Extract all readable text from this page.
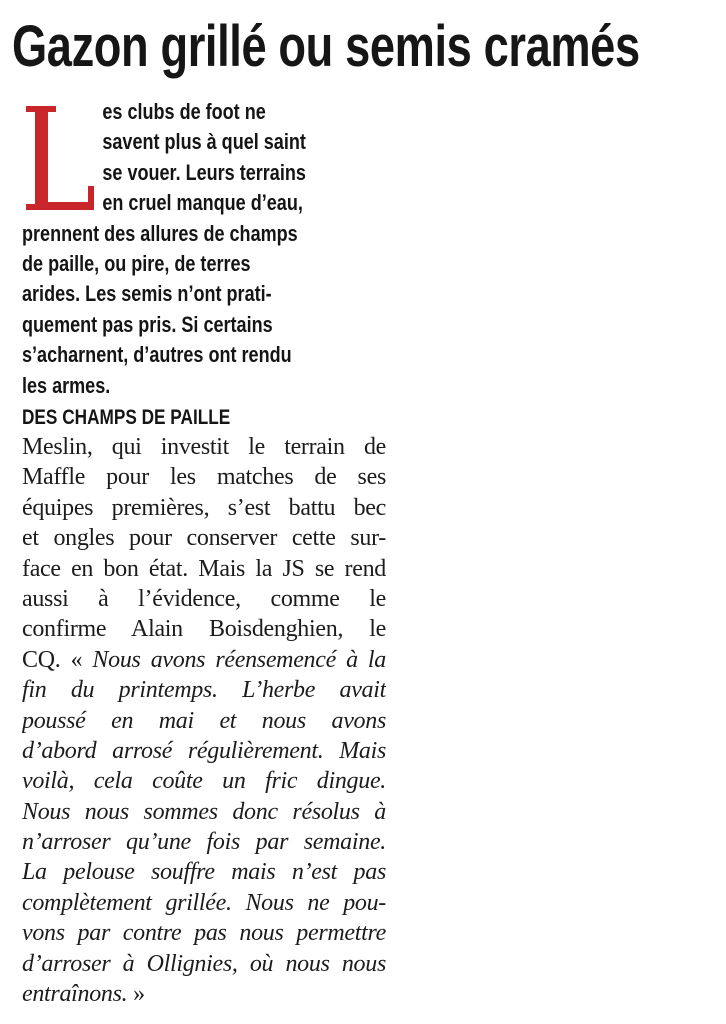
Gazon grillé ou semis cramés
L	es clubs de foot ne
savent plus à quel saint
se vouer. Leurs terrains
en cruel manque d’eau,
prennent des allures de champs
de paille, ou pire, de terres
arides. Les semis n’ont prati-
quement pas pris. Si certains
s’acharnent, d’autres ont rendu
les armes.
DES CHAMPS DE PAILLE
Meslin, qui investit le terrain de
Maffle pour les matches de ses
équipes premières, s’est battu bec
et ongles pour conserver cette sur-
face en bon état. Mais la JS se rend
aussi à l’évidence, comme le
confirme Alain Boisdenghien, le
CQ. « Nous avons réensemencé à la
fin du printemps. L’herbe avait
poussé en mai et nous avons
d’abord arrosé régulièrement. Mais
voilà, cela coûte un fric dingue.
Nous nous sommes donc résolus à
n’arroser qu’une fois par semaine.
La pelouse souffre mais n’est pas
complètement grillée. Nous ne pou-
vons par contre pas nous permettre
d’arroser à Ollignies, où nous nous
entraînons. »
